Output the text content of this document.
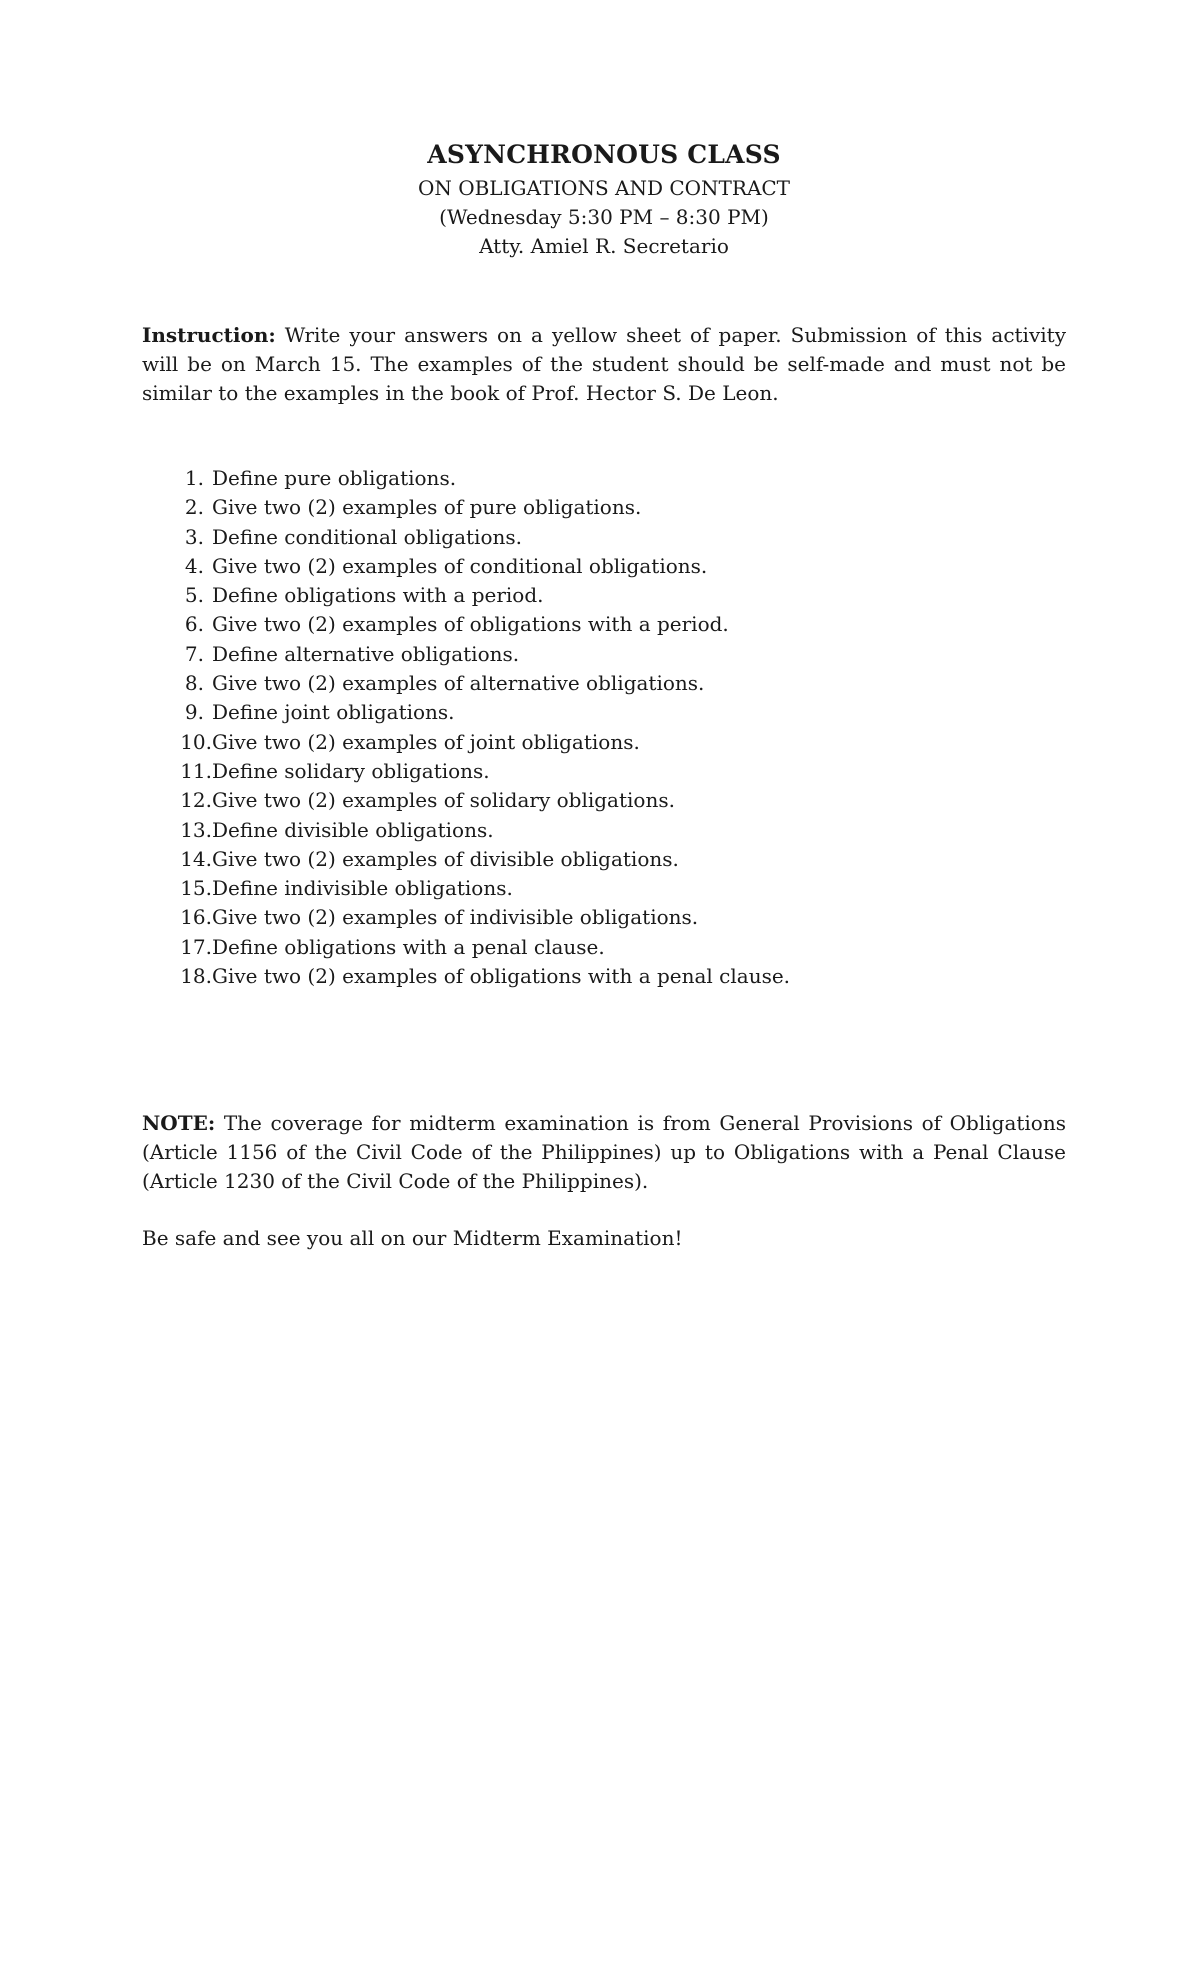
ASYNCHRONOUS CLASS

ON OBLIGATIONS AND CONTRACT

(Wednesday 5:30 PM – 8:30 PM)

Atty. Amiel R. Secretario

Instruction: Write your answers on a yellow sheet of paper. Submission of this activity will be on March 15. The examples of the student should be self-made and must not be similar to the examples in the book of Prof. Hector S. De Leon.
1. Define pure obligations.
2. Give two (2) examples of pure obligations.
3. Define conditional obligations.
4. Give two (2) examples of conditional obligations.
5. Define obligations with a period.
6. Give two (2) examples of obligations with a period.
7. Define alternative obligations.
8. Give two (2) examples of alternative obligations.
9. Define joint obligations.
10. Give two (2) examples of joint obligations.
11. Define solidary obligations.
12. Give two (2) examples of solidary obligations.
13. Define divisible obligations.
14. Give two (2) examples of divisible obligations.
15. Define indivisible obligations.
16. Give two (2) examples of indivisible obligations.
17. Define obligations with a penal clause.
18. Give two (2) examples of obligations with a penal clause.
NOTE: The coverage for midterm examination is from General Provisions of Obligations (Article 1156 of the Civil Code of the Philippines) up to Obligations with a Penal Clause (Article 1230 of the Civil Code of the Philippines).
Be safe and see you all on our Midterm Examination!
